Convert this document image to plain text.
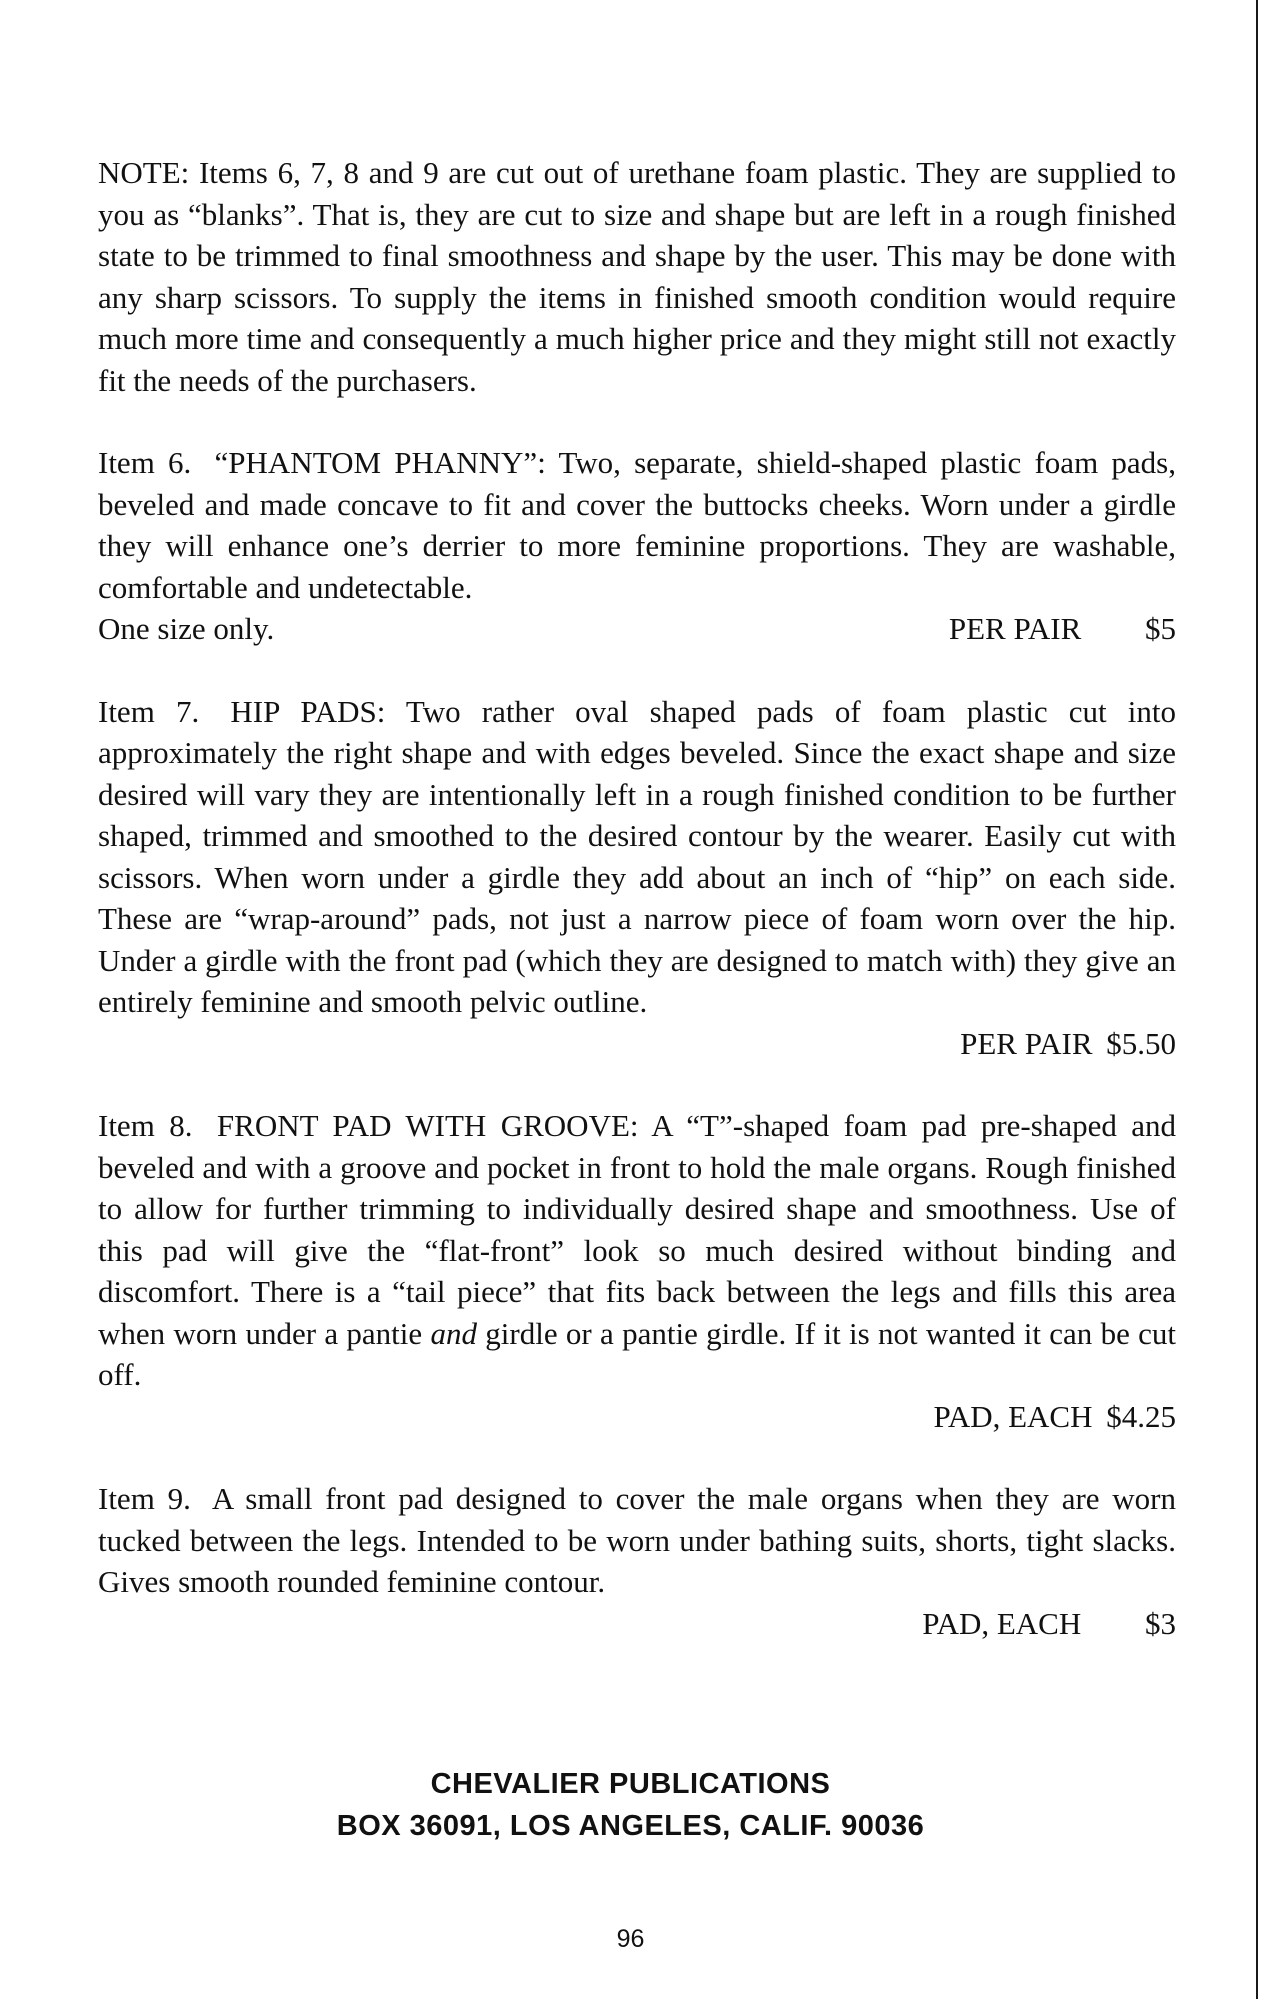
NOTE: Items 6, 7, 8 and 9 are cut out of urethane foam plastic. They are supplied to you as “blanks”. That is, they are cut to size and shape but are left in a rough finished state to be trimmed to final smoothness and shape by the user. This may be done with any sharp scissors. To supply the items in finished smooth condition would require much more time and consequently a much higher price and they might still not exactly fit the needs of the purchasers.

Item 6. “PHANTOM PHANNY”: Two, separate, shield-shaped plastic foam pads, beveled and made concave to fit and cover the buttocks cheeks. Worn under a girdle they will enhance one’s derrier to more feminine proportions. They are washable, comfortable and undetectable.
One size only.	PER PAIR $5
Item 7. HIP PADS: Two rather oval shaped pads of foam plastic cut into approximately the right shape and with edges beveled. Since the exact shape and size desired will vary they are intentionally left in a rough finished condition to be further shaped, trimmed and smoothed to the desired contour by the wearer. Easily cut with scissors. When worn under a girdle they add about an inch of “hip” on each side. These are “wrap-around” pads, not just a narrow piece of foam worn over the hip. Under a girdle with the front pad (which they are designed to match with) they give an entirely feminine and smooth pelvic outline.
PER PAIR $5.50
Item 8. FRONT PAD WITH GROOVE: A “T”-shaped foam pad pre-shaped and beveled and with a groove and pocket in front to hold the male organs. Rough finished to allow for further trimming to individually desired shape and smoothness. Use of this pad will give the “flat-front” look so much desired without binding and discomfort. There is a “tail piece” that fits back between the legs and fills this area when worn under a pantie and girdle or a pantie girdle. If it is not wanted it can be cut off.
PAD, EACH $4.25
Item 9. A small front pad designed to cover the male organs when they are worn tucked between the legs. Intended to be worn under bathing suits, shorts, tight slacks. Gives smooth rounded feminine contour.
PAD, EACH $3
CHEVALIER PUBLICATIONS
BOX 36091, LOS ANGELES, CALIF. 90036
96
